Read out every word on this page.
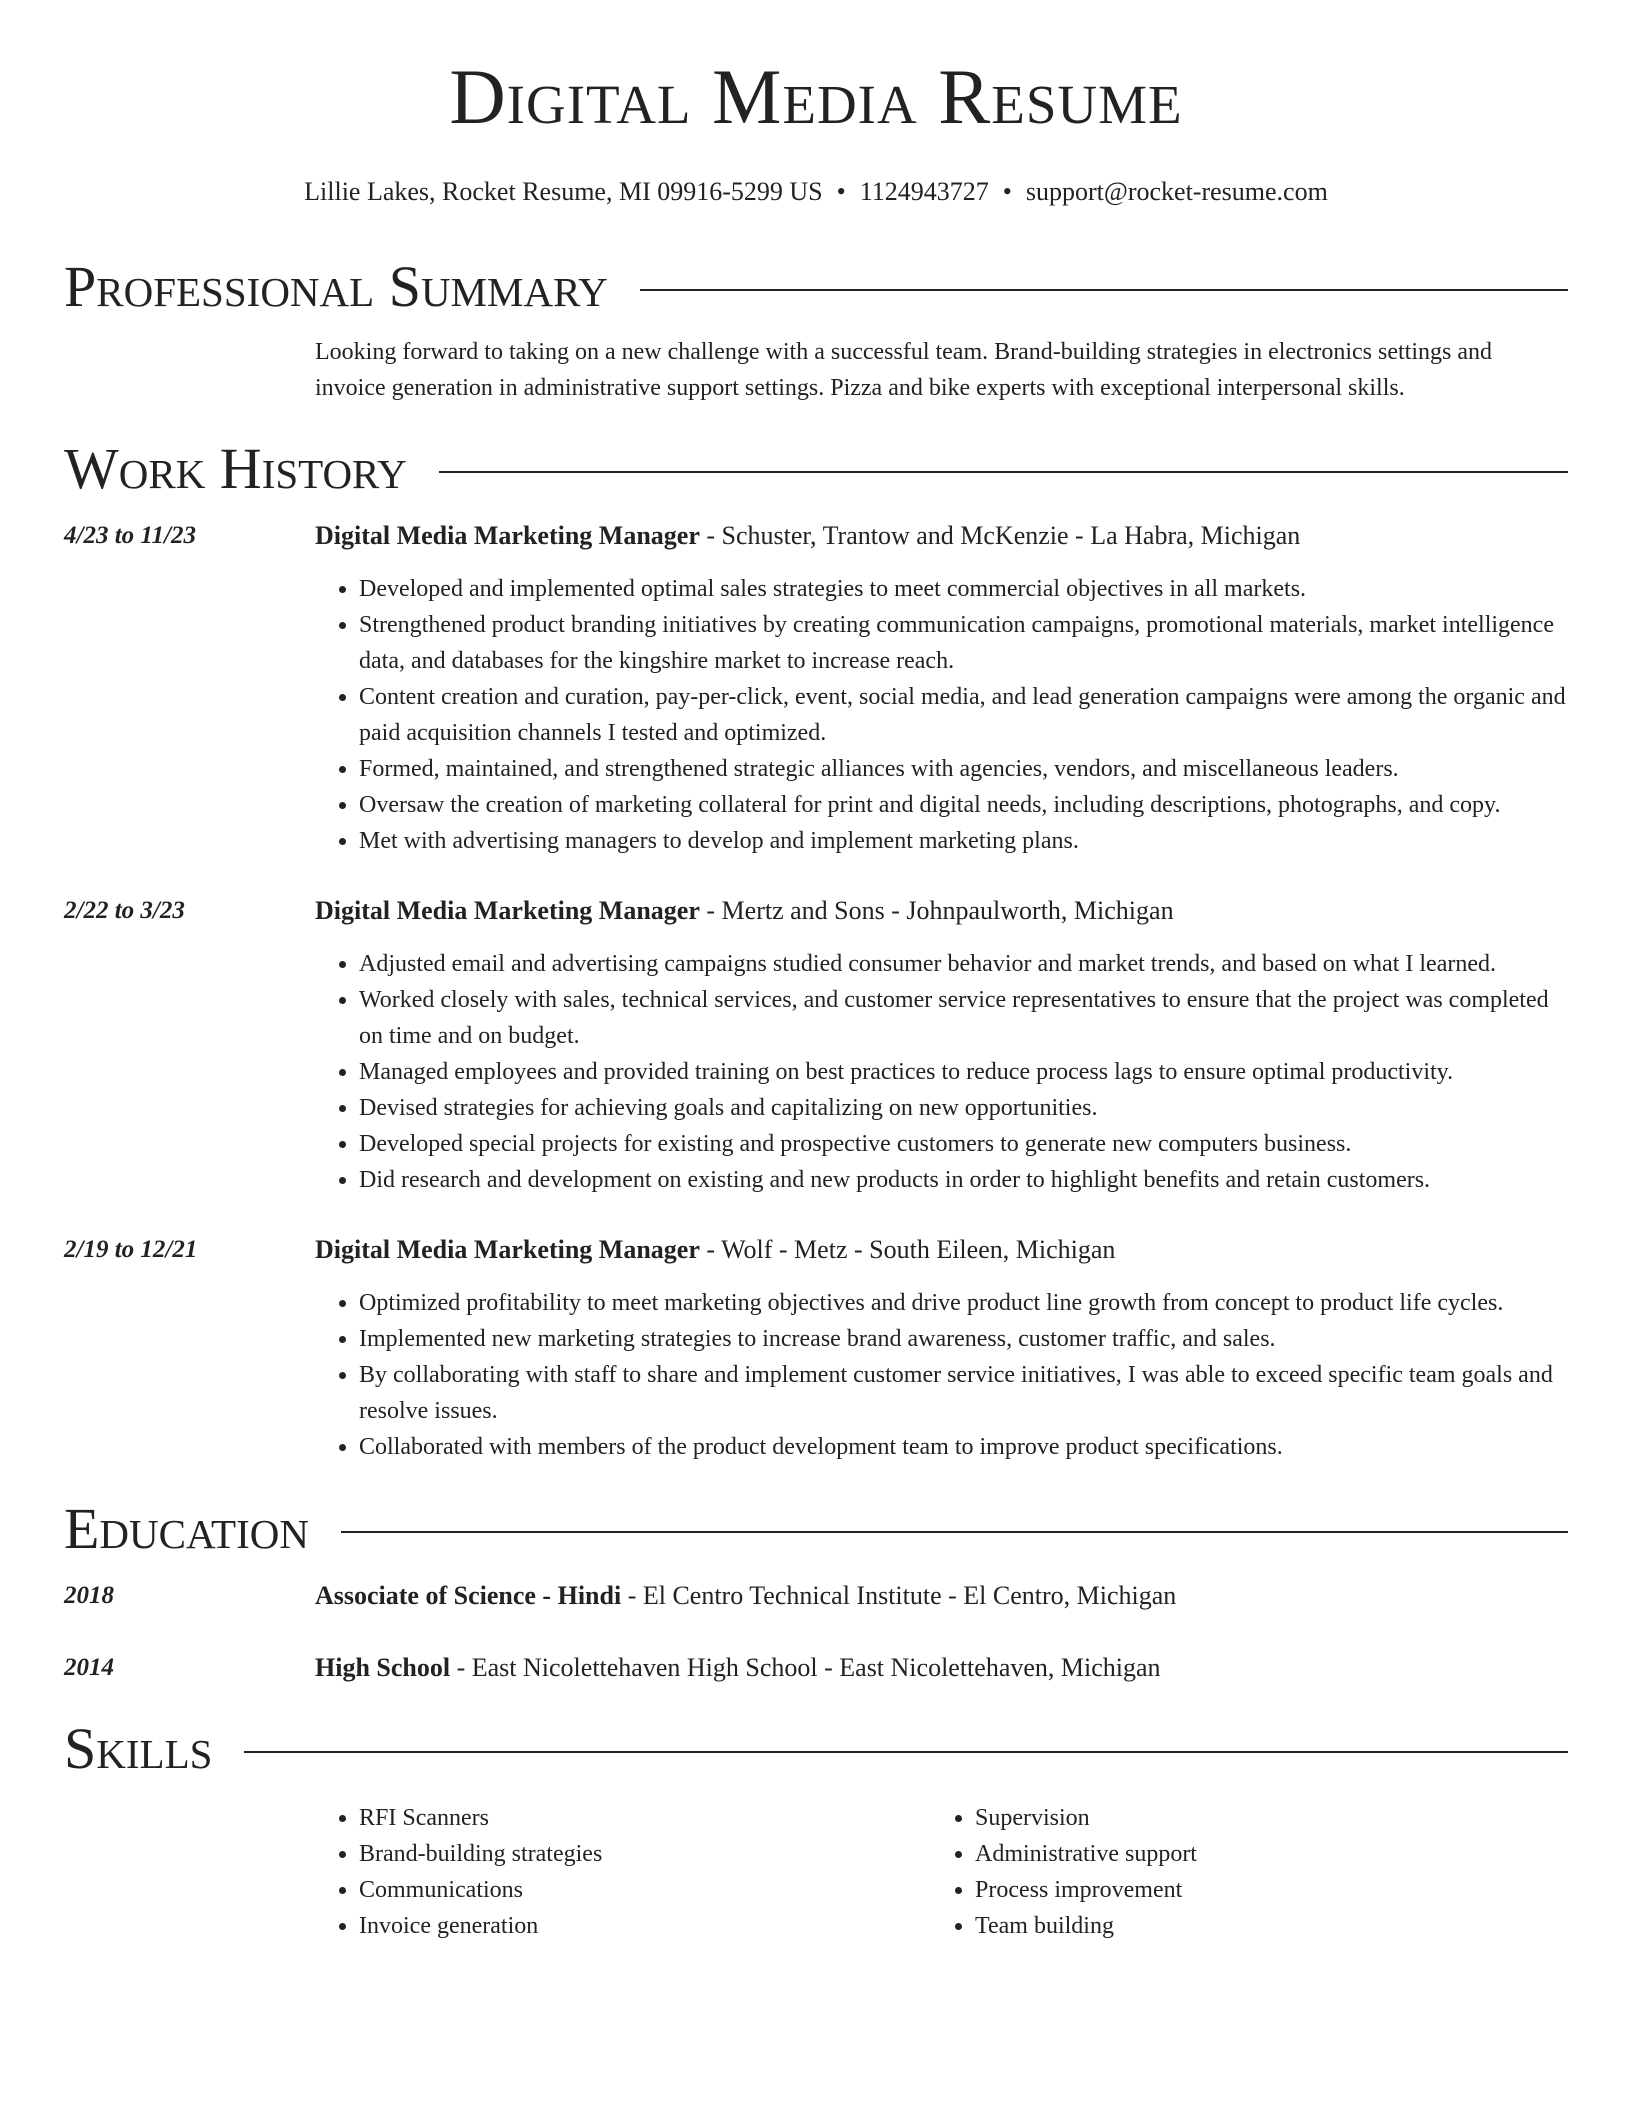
Digital Media Resume
Lillie Lakes, Rocket Resume, MI 09916-5299 US • 1124943727 • support@rocket-resume.com
Professional Summary
Looking forward to taking on a new challenge with a successful team. Brand-building strategies in electronics settings and invoice generation in administrative support settings. Pizza and bike experts with exceptional interpersonal skills.
Work History
4/23 to 11/23	Digital Media Marketing Manager - Schuster, Trantow and McKenzie - La Habra, Michigan
• Developed and implemented optimal sales strategies to meet commercial objectives in all markets.
• Strengthened product branding initiatives by creating communication campaigns, promotional materials, market intelligence data, and databases for the kingshire market to increase reach.
• Content creation and curation, pay-per-click, event, social media, and lead generation campaigns were among the organic and paid acquisition channels I tested and optimized.
• Formed, maintained, and strengthened strategic alliances with agencies, vendors, and miscellaneous leaders.
• Oversaw the creation of marketing collateral for print and digital needs, including descriptions, photographs, and copy.
• Met with advertising managers to develop and implement marketing plans.
2/22 to 3/23	Digital Media Marketing Manager - Mertz and Sons - Johnpaulworth, Michigan
• Adjusted email and advertising campaigns studied consumer behavior and market trends, and based on what I learned.
• Worked closely with sales, technical services, and customer service representatives to ensure that the project was completed on time and on budget.
• Managed employees and provided training on best practices to reduce process lags to ensure optimal productivity.
• Devised strategies for achieving goals and capitalizing on new opportunities.
• Developed special projects for existing and prospective customers to generate new computers business.
• Did research and development on existing and new products in order to highlight benefits and retain customers.
2/19 to 12/21	Digital Media Marketing Manager - Wolf - Metz - South Eileen, Michigan
• Optimized profitability to meet marketing objectives and drive product line growth from concept to product life cycles.
• Implemented new marketing strategies to increase brand awareness, customer traffic, and sales.
• By collaborating with staff to share and implement customer service initiatives, I was able to exceed specific team goals and resolve issues.
• Collaborated with members of the product development team to improve product specifications.
Education
2018	Associate of Science - Hindi - El Centro Technical Institute - El Centro, Michigan
2014	High School - East Nicolettehaven High School - East Nicolettehaven, Michigan
Skills
• RFI Scanners
• Brand-building strategies
• Communications
• Invoice generation
• Supervision
• Administrative support
• Process improvement
• Team building
